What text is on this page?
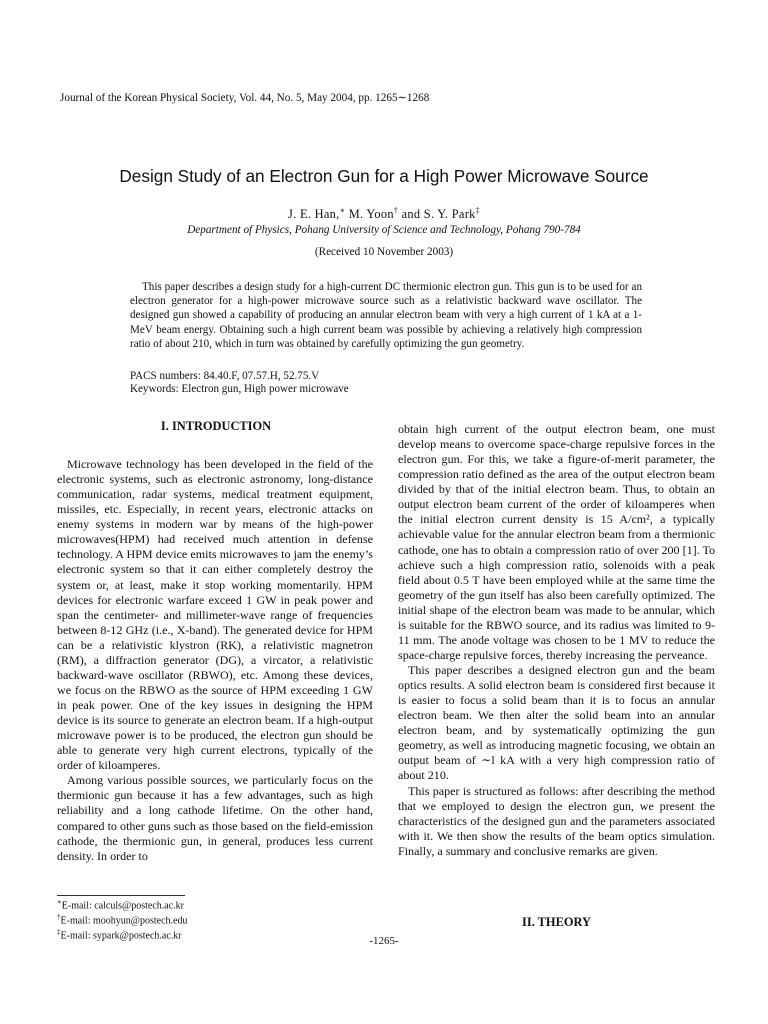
Journal of the Korean Physical Society, Vol. 44, No. 5, May 2004, pp. 1265∼1268
Design Study of an Electron Gun for a High Power Microwave Source
J. E. Han,∗ M. Yoon† and S. Y. Park‡
Department of Physics, Pohang University of Science and Technology, Pohang 790-784
(Received 10 November 2003)
This paper describes a design study for a high-current DC thermionic electron gun. This gun is to be used for an electron generator for a high-power microwave source such as a relativistic backward wave oscillator. The designed gun showed a capability of producing an annular electron beam with very a high current of 1 kA at a 1-MeV beam energy. Obtaining such a high current beam was possible by achieving a relatively high compression ratio of about 210, which in turn was obtained by carefully optimizing the gun geometry.
PACS numbers: 84.40.F, 07.57.H, 52.75.V
Keywords: Electron gun, High power microwave
I. INTRODUCTION

Microwave technology has been developed in the field of the electronic systems, such as electronic astronomy, long-distance communication, radar systems, medical treatment equipment, missiles, etc. Especially, in recent years, electronic attacks on enemy systems in modern war by means of the high-power microwaves(HPM) had received much attention in defense technology. A HPM device emits microwaves to jam the enemy’s electronic system so that it can either completely destroy the system or, at least, make it stop working momentarily. HPM devices for electronic warfare exceed 1 GW in peak power and span the centimeter- and millimeter-wave range of frequencies between 8-12 GHz (i.e., X-band). The generated device for HPM can be a relativistic klystron (RK), a relativistic magnetron (RM), a diffraction generator (DG), a vircator, a relativistic backward-wave oscillator (RBWO), etc. Among these devices, we focus on the RBWO as the source of HPM exceeding 1 GW in peak power. One of the key issues in designing the HPM device is its source to generate an electron beam. If a high-output microwave power is to be produced, the electron gun should be able to generate very high current electrons, typically of the order of kiloamperes.

Among various possible sources, we particularly focus on the thermionic gun because it has a few advantages, such as high reliability and a long cathode lifetime. On the other hand, compared to other guns such as those based on the field-emission cathode, the thermionic gun, in general, produces less current density. In order to

obtain high current of the output electron beam, one must develop means to overcome space-charge repulsive forces in the electron gun. For this, we take a figure-of-merit parameter, the compression ratio defined as the area of the output electron beam divided by that of the initial electron beam. Thus, to obtain an output electron beam current of the order of kiloamperes when the initial electron current density is 15 A/cm², a typically achievable value for the annular electron beam from a thermionic cathode, one has to obtain a compression ratio of over 200 [1]. To achieve such a high compression ratio, solenoids with a peak field about 0.5 T have been employed while at the same time the geometry of the gun itself has also been carefully optimized. The initial shape of the electron beam was made to be annular, which is suitable for the RBWO source, and its radius was limited to 9-11 mm. The anode voltage was chosen to be 1 MV to reduce the space-charge repulsive forces, thereby increasing the perveance.

This paper describes a designed electron gun and the beam optics results. A solid electron beam is considered first because it is easier to focus a solid beam than it is to focus an annular electron beam. We then alter the solid beam into an annular electron beam, and by systematically optimizing the gun geometry, as well as introducing magnetic focusing, we obtain an output beam of ∼l kA with a very high compression ratio of about 210.

This paper is structured as follows: after describing the method that we employed to design the electron gun, we present the characteristics of the designed gun and the parameters associated with it. We then show the results of the beam optics simulation. Finally, a summary and conclusive remarks are given.

∗E-mail: calculs@postech.ac.kr
†E-mail: moohyun@postech.edu
‡E-mail: sypark@postech.ac.kr
II. THEORY
-1265-
